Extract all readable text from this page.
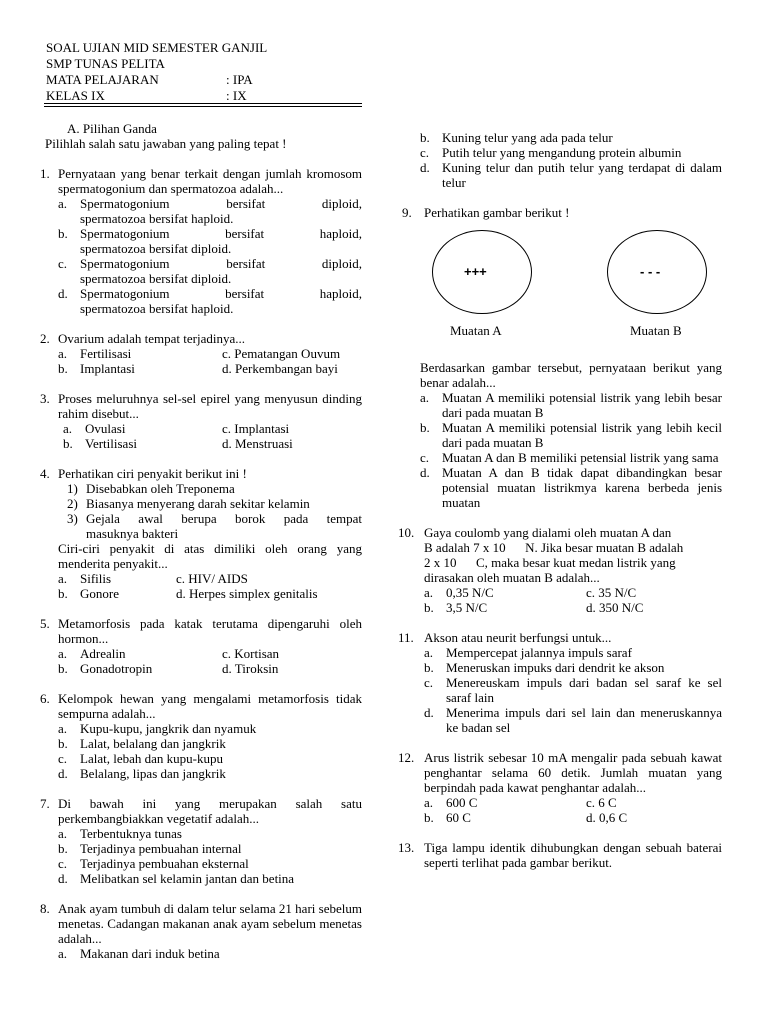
SOAL UJIAN MID SEMESTER GANJIL
SMP TUNAS PELITA
MATA PELAJARAN	: IPA
KELAS IX	: IX
A. Pilihan Ganda
Pilihlah salah satu jawaban yang paling tepat !
1. Pernyataan yang benar terkait dengan jumlah kromosom spermatogonium dan spermatozoa adalah...
a. Spermatogonium bersifat diploid,
spermatozoa bersifat haploid.
b. Spermatogonium bersifat haploid,
spermatozoa bersifat diploid.
c. Spermatogonium bersifat diploid,
spermatozoa bersifat diploid.
d. Spermatogonium bersifat haploid,
spermatozoa bersifat haploid.
2. Ovarium adalah tempat terjadinya...
a. Fertilisasi	c. Pematangan Ouvum
b. Implantasi	d. Perkembangan bayi
3. Proses meluruhnya sel-sel epirel yang menyusun dinding rahim disebut...
a. Ovulasi	c. Implantasi
b. Vertilisasi	d. Menstruasi
4. Perhatikan ciri penyakit berikut ini !
1) Disebabkan oleh Treponema
2) Biasanya menyerang darah sekitar kelamin
3) Gejala awal berupa borok pada tempat
masuknya bakteri
Ciri-ciri penyakit di atas dimiliki oleh orang yang menderita penyakit...
a. Sifilis	c. HIV/ AIDS
b. Gonore	d. Herpes simplex genitalis
5. Metamorfosis pada katak terutama dipengaruhi oleh hormon...
a. Adrealin	c. Kortisan
b. Gonadotropin	d. Tiroksin
6. Kelompok hewan yang mengalami metamorfosis tidak sempurna adalah...
a. Kupu-kupu, jangkrik dan nyamuk
b. Lalat, belalang dan jangkrik
c. Lalat, lebah dan kupu-kupu
d. Belalang, lipas dan jangkrik
7. Di bawah ini yang merupakan salah satu perkembangbiakkan vegetatif adalah...
a. Terbentuknya tunas
b. Terjadinya pembuahan internal
c. Terjadinya pembuahan eksternal
d. Melibatkan sel kelamin jantan dan betina
8. Anak ayam tumbuh di dalam telur selama 21 hari sebelum menetas. Cadangan makanan anak ayam sebelum menetas adalah...
a. Makanan dari induk betina
b. Kuning telur yang ada pada telur
c. Putih telur yang mengandung protein albumin
d. Kuning telur dan putih telur yang terdapat di dalam telur
9. Perhatikan gambar berikut !
+++	- - -
Muatan A	Muatan B
Berdasarkan gambar tersebut, pernyataan berikut yang benar adalah...
a. Muatan A memiliki potensial listrik yang lebih besar dari pada muatan B
b. Muatan A memiliki potensial listrik yang lebih kecil dari pada muatan B
c. Muatan A dan B memiliki petensial listrik yang sama
d. Muatan A dan B tidak dapat dibandingkan besar potensial muatan listrikmya karena berbeda jenis muatan
10. Gaya coulomb yang dialami oleh muatan A dan
B adalah 7 x 10      N. Jika besar muatan B adalah
2 x 10      C, maka besar kuat medan listrik yang
dirasakan oleh muatan B adalah...
a. 0,35 N/C	c. 35 N/C
b. 3,5 N/C	d. 350 N/C
11. Akson atau neurit berfungsi untuk...
a. Mempercepat jalannya impuls saraf
b. Meneruskan impuks dari dendrit ke akson
c. Menereuskam impuls dari badan sel saraf ke sel saraf lain
d. Menerima impuls dari sel lain dan meneruskannya ke badan sel
12. Arus listrik sebesar 10 mA mengalir pada sebuah kawat penghantar selama 60 detik. Jumlah muatan yang berpindah pada kawat penghantar adalah...
a. 600 C	c. 6 C
b. 60 C	d. 0,6 C
13. Tiga lampu identik dihubungkan dengan sebuah baterai seperti terlihat pada gambar berikut.
